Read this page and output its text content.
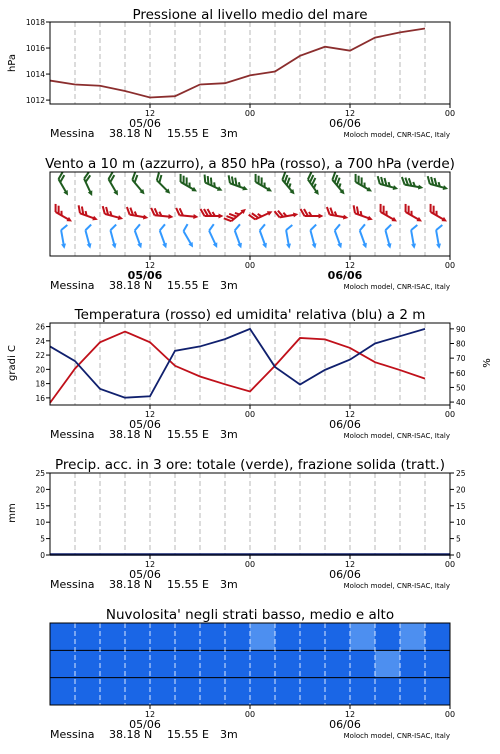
Pressione al livello medio del mare
hPa
1012
1014
1016
1018
12	00	12	00
05/06	06/06
Messina 38.18 N 15.55 E 3m	Moloch model, CNR-ISAC, Italy
Vento a 10 m (azzurro), a 850 hPa (rosso), a 700 hPa (verde)
12	00	12	00
05/06	06/06
Messina 38.18 N 15.55 E 3m	Moloch model, CNR-ISAC, Italy
Temperatura (rosso) ed umidita' relativa (blu) a 2 m
gradi C	%
16
18
20
22
24
26
40
50
60
70
80
90
12	00	12	00
05/06	06/06
Messina 38.18 N 15.55 E 3m	Moloch model, CNR-ISAC, Italy
Precip. acc. in 3 ore: totale (verde), frazione solida (tratt.)
mm
0
5
10
15
20
25
0
5
10
15
20
25
12	00	12	00
05/06	06/06
Messina 38.18 N 15.55 E 3m	Moloch model, CNR-ISAC, Italy
Nuvolosita' negli strati basso, medio e alto
12	00	12	00
05/06	06/06
Messina 38.18 N 15.55 E 3m	Moloch model, CNR-ISAC, Italy
